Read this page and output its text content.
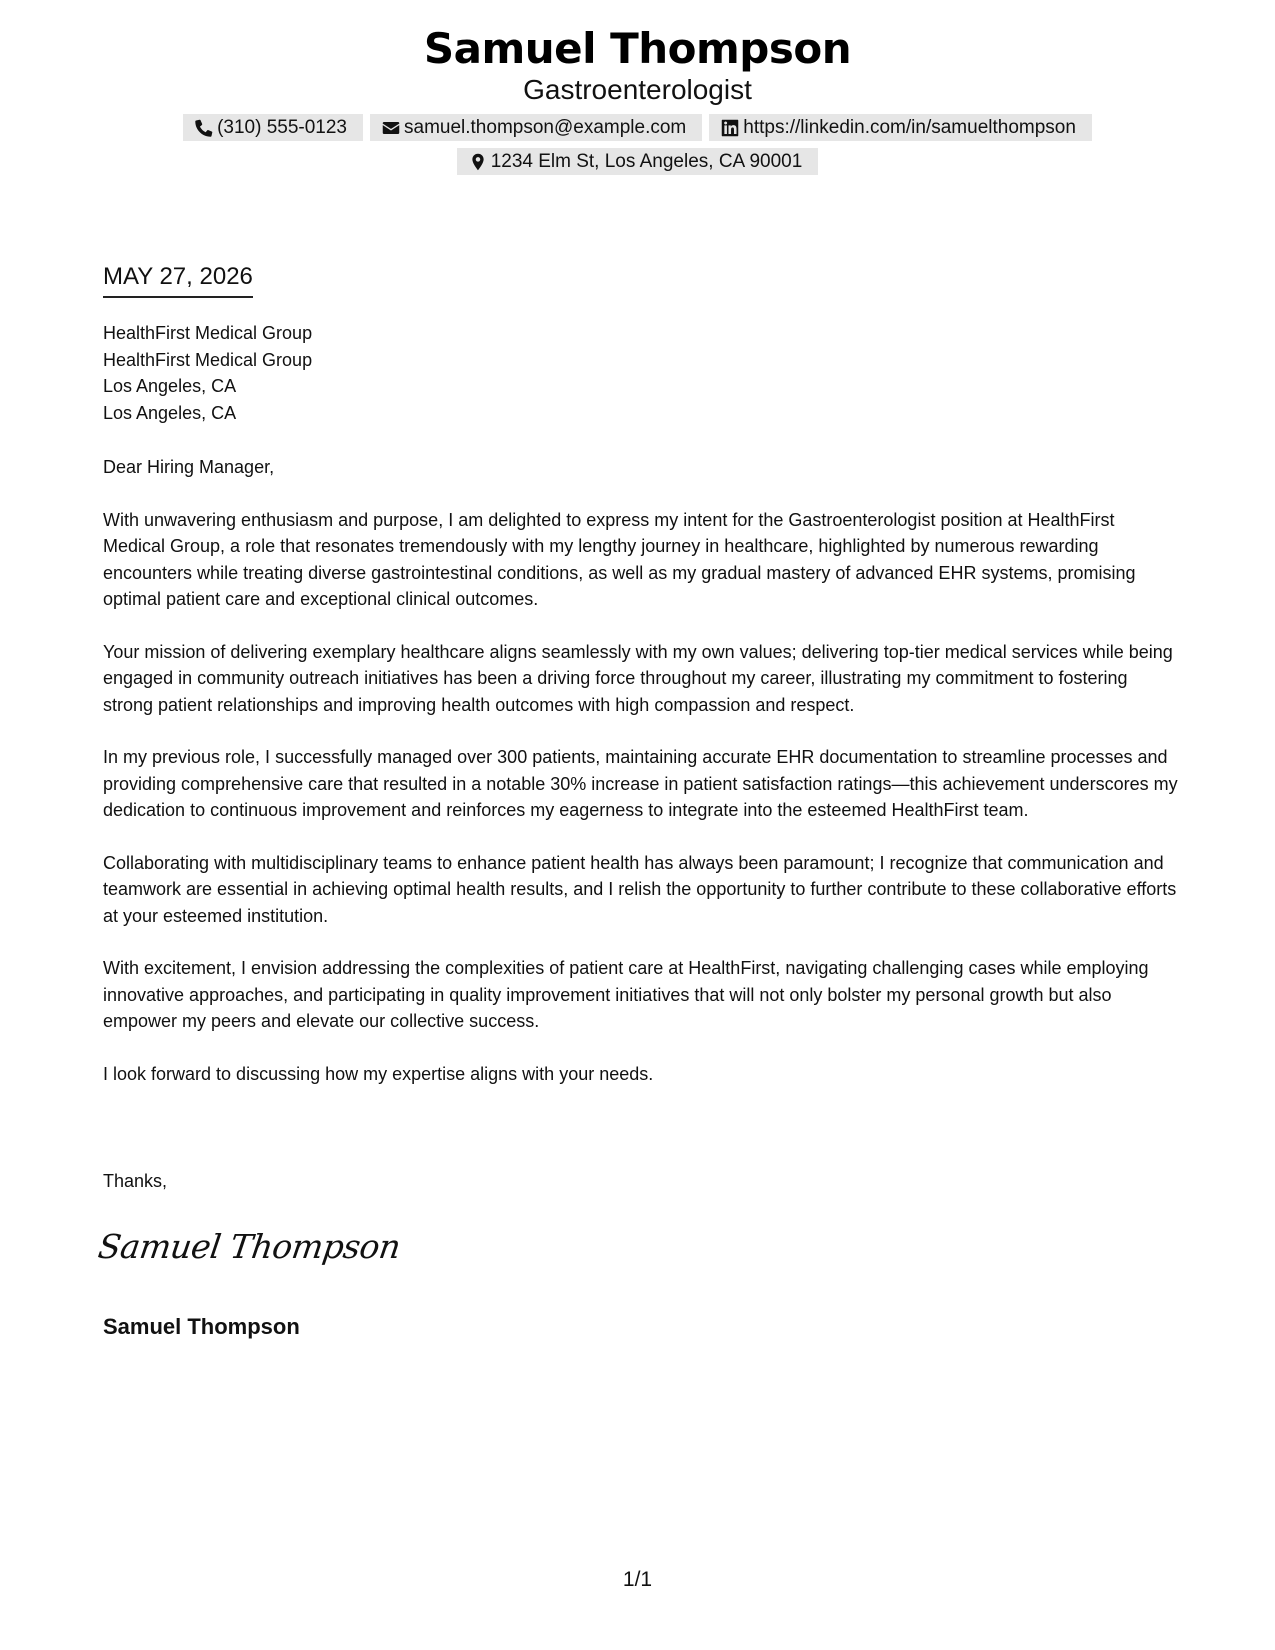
Samuel Thompson
Gastroenterologist
(310) 555-0123	samuel.thompson@example.com	https://linkedin.com/in/samuelthompson
1234 Elm St, Los Angeles, CA 90001
MAY 27, 2026
HealthFirst Medical Group
HealthFirst Medical Group
Los Angeles, CA
Los Angeles, CA

Dear Hiring Manager,

With unwavering enthusiasm and purpose, I am delighted to express my intent for the Gastroenterologist position at HealthFirst Medical Group, a role that resonates tremendously with my lengthy journey in healthcare, highlighted by numerous rewarding encounters while treating diverse gastrointestinal conditions, as well as my gradual mastery of advanced EHR systems, promising optimal patient care and exceptional clinical outcomes.

Your mission of delivering exemplary healthcare aligns seamlessly with my own values; delivering top-tier medical services while being engaged in community outreach initiatives has been a driving force throughout my career, illustrating my commitment to fostering strong patient relationships and improving health outcomes with high compassion and respect.

In my previous role, I successfully managed over 300 patients, maintaining accurate EHR documentation to streamline processes and providing comprehensive care that resulted in a notable 30% increase in patient satisfaction ratings—this achievement underscores my dedication to continuous improvement and reinforces my eagerness to integrate into the esteemed HealthFirst team.

Collaborating with multidisciplinary teams to enhance patient health has always been paramount; I recognize that communication and teamwork are essential in achieving optimal health results, and I relish the opportunity to further contribute to these collaborative efforts at your esteemed institution.

With excitement, I envision addressing the complexities of patient care at HealthFirst, navigating challenging cases while employing innovative approaches, and participating in quality improvement initiatives that will not only bolster my personal growth but also empower my peers and elevate our collective success.

I look forward to discussing how my expertise aligns with your needs.

Thanks,
Samuel Thompson
Samuel Thompson
1/1
